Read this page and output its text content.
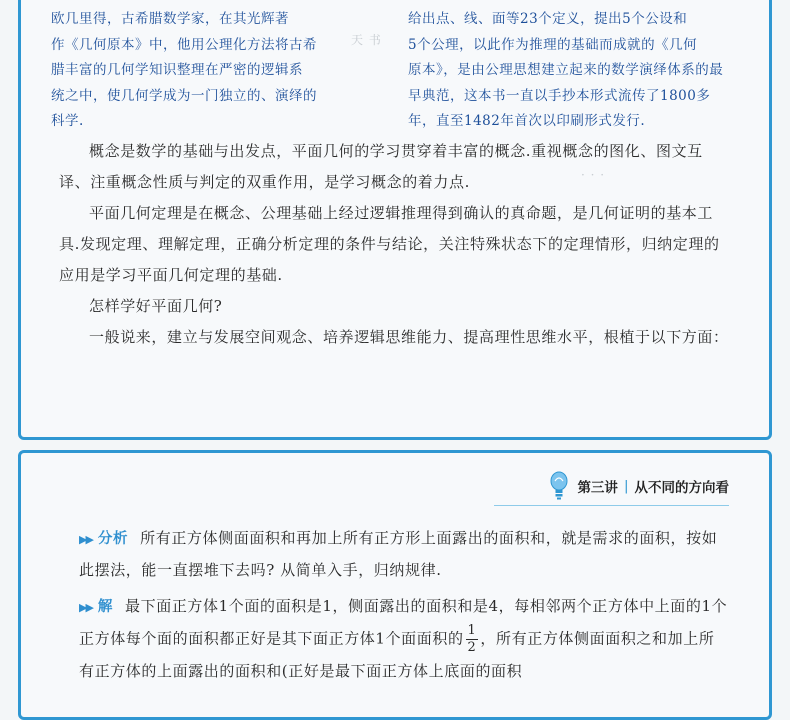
天 书
· · ·

欧几里得，古希腊数学家，在其光辉著

作《几何原本》中，他用公理化方法将古希

腊丰富的几何学知识整理在严密的逻辑系

统之中，使几何学成为一门独立的、演绎的

科学.

给出点、线、面等23个定义，提出5个公设和

5个公理，以此作为推理的基础而成就的《几何

原本》，是由公理思想建立起来的数学演绎体系的最

早典范，这本书一直以手抄本形式流传了1800多

年，直至1482年首次以印刷形式发行.

概念是数学的基础与出发点，平面几何的学习贯穿着丰富的概念.重视概念的图化、图文互译、注重概念性质与判定的双重作用，是学习概念的着力点.

平面几何定理是在概念、公理基础上经过逻辑推理得到确认的真命题，是几何证明的基本工具.发现定理、理解定理，正确分析定理的条件与结论，关注特殊状态下的定理情形，归纳定理的应用是学习平面几何定理的基础.

怎样学好平面几何?

一般说来，建立与发展空间观念、培养逻辑思维能力、提高理性思维水平，根植于以下方面：

第三讲 | 从不同的方向看

▶▶ 分析 所有正方体侧面面积和再加上所有正方形上面露出的面积和，就是需求的面积，按如此摆法，能一直摆堆下去吗? 从简单入手，归纳规律.

▶▶ 解 最下面正方体1个面的面积是1，侧面露出的面积和是4，每相邻两个正方体中上面的1个正方体每个面的面积都正好是其下面正方体1个面面积的 $\frac{1}{2}$ ，所有正方体侧面面积之和加上所有正方体的上面露出的面积和(正好是最下面正方体上底面的面积
